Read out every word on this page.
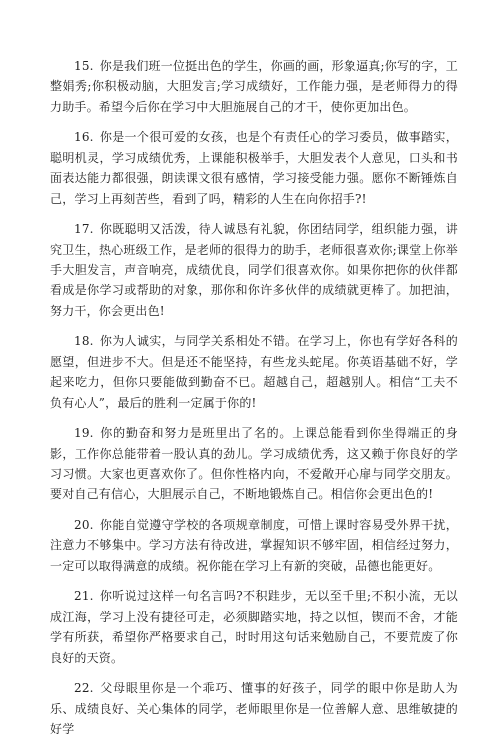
15. 你是我们班一位挺出色的学生，你画的画，形象逼真;你写的字，工整娟秀;你积极动脑，大胆发言;学习成绩好，工作能力强，是老师得力的得力助手。希望今后你在学习中大胆施展自己的才干，使你更加出色。

16. 你是一个很可爱的女孩，也是个有责任心的学习委员，做事踏实，聪明机灵，学习成绩优秀，上课能积极举手，大胆发表个人意见，口头和书面表达能力都很强，朗读课文很有感情，学习接受能力强。愿你不断锤炼自己，学习上再刻苦些，看到了吗，精彩的人生在向你招手?!

17. 你既聪明又活泼，待人诚恳有礼貌，你团结同学，组织能力强，讲究卫生，热心班级工作，是老师的很得力的助手，老师很喜欢你;课堂上你举手大胆发言，声音响亮，成绩优良，同学们很喜欢你。如果你把你的伙伴都看成是你学习或帮助的对象，那你和你许多伙伴的成绩就更棒了。加把油，努力干，你会更出色!

18. 你为人诚实，与同学关系相处不错。在学习上，你也有学好各科的愿望，但进步不大。但是还不能坚持，有些龙头蛇尾。你英语基础不好，学起来吃力，但你只要能做到勤奋不已。超越自己，超越别人。相信“工夫不负有心人”，最后的胜利一定属于你的!

19. 你的勤奋和努力是班里出了名的。上课总能看到你坐得端正的身影，工作你总能带着一股认真的劲儿。学习成绩优秀，这又赖于你良好的学习习惯。大家也更喜欢你了。但你性格内向，不爱敞开心扉与同学交朋友。要对自己有信心，大胆展示自己，不断地锻炼自己。相信你会更出色的!

20. 你能自觉遵守学校的各项规章制度，可惜上课时容易受外界干扰，注意力不够集中。学习方法有待改进，掌握知识不够牢固，相信经过努力，一定可以取得满意的成绩。祝你能在学习上有新的突破，品德也能更好。

21. 你听说过这样一句名言吗?不积跬步，无以至千里;不积小流，无以成江海，学习上没有捷径可走，必须脚踏实地，持之以恒，锲而不舍，才能学有所获，希望你严格要求自己，时时用这句话来勉励自己，不要荒废了你良好的天资。

22. 父母眼里你是一个乖巧、懂事的好孩子，同学的眼中你是助人为乐、成绩良好、关心集体的同学，老师眼里你是一位善解人意、思维敏捷的好学
